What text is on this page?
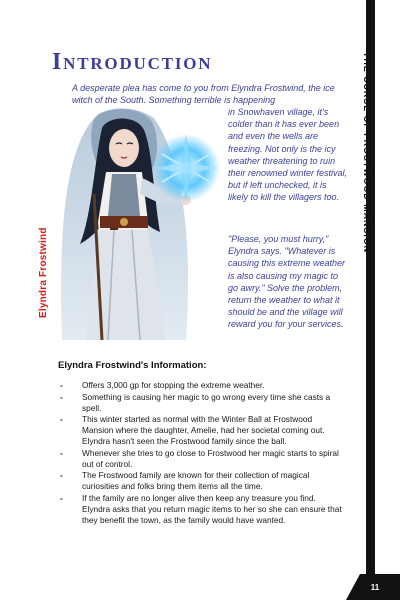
Introduction	THE CURSE OF FROSTWOOD MANSION
11

A desperate plea has come to you from Elyndra Frostwind, the ice witch of the South. Something terrible is happening

in Snowhaven village, it's colder than it has ever been and even the wells are freezing. Not only is the icy weather threatening to ruin their renowned winter festival, but if left unchecked, it is likely to kill the villagers too.

"Please, you must hurry," Elyndra says. "Whatever is causing this extreme weather is also causing my magic to go awry." Solve the problem, return the weather to what it should be and the village will reward you for your services.

Elyndra Frostwind
Elyndra Frostwind's Information:
- Offers 3,000 gp for stopping the extreme weather.
- Something is causing her magic to go wrong every time she casts a spell.
- This winter started as normal with the Winter Ball at Frostwood Mansion where the daughter, Amelie, had her societal coming out. Elyndra hasn't seen the Frostwood family since the ball.
- Whenever she tries to go close to Frostwood her magic starts to spiral out of control.
- The Frostwood family are known for their collection of magical curiosities and folks bring them items all the time.
- If the family are no longer alive then keep any treasure you find. Elyndra asks that you return magic items to her so she can ensure that they benefit the town, as the family would have wanted.
